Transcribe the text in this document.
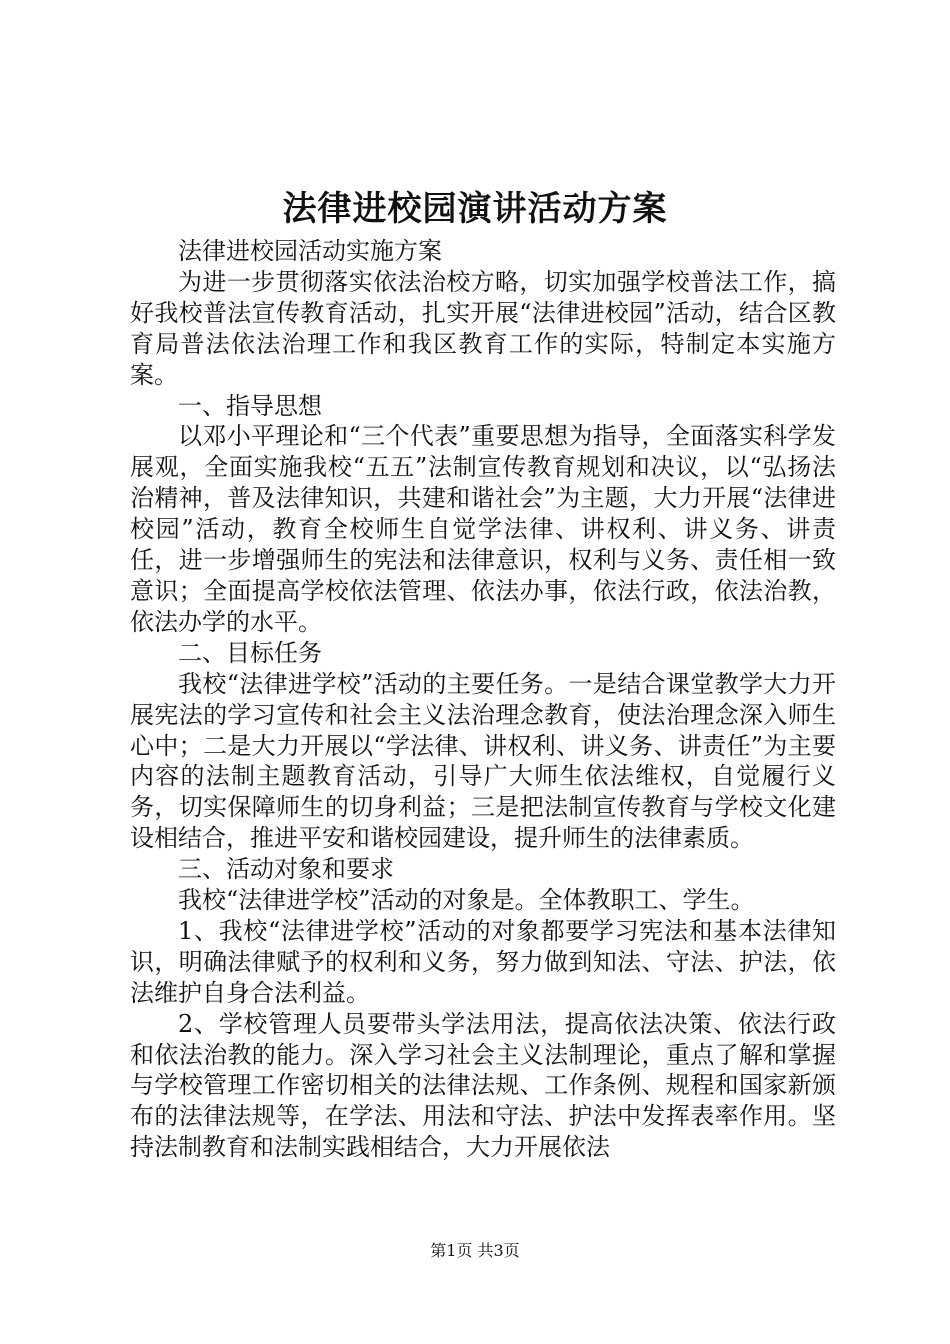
法律进校园演讲活动方案

法律进校园活动实施方案

为进一步贯彻落实依法治校方略，切实加强学校普法工作，搞好我校普法宣传教育活动，扎实开展“法律进校园”活动，结合区教育局普法依法治理工作和我区教育工作的实际，特制定本实施方案。

一、指导思想

以邓小平理论和“三个代表”重要思想为指导，全面落实科学发展观，全面实施我校“五五”法制宣传教育规划和决议，以“弘扬法治精神，普及法律知识，共建和谐社会”为主题，大力开展“法律进校园”活动，教育全校师生自觉学法律、讲权利、讲义务、讲责任，进一步增强师生的宪法和法律意识，权利与义务、责任相一致意识；全面提高学校依法管理、依法办事，依法行政，依法治教，依法办学的水平。

二、目标任务

我校“法律进学校”活动的主要任务。一是结合课堂教学大力开展宪法的学习宣传和社会主义法治理念教育，使法治理念深入师生心中；二是大力开展以“学法律、讲权利、讲义务、讲责任”为主要内容的法制主题教育活动，引导广大师生依法维权，自觉履行义务，切实保障师生的切身利益；三是把法制宣传教育与学校文化建设相结合，推进平安和谐校园建设，提升师生的法律素质。

三、活动对象和要求

我校“法律进学校”活动的对象是。全体教职工、学生。

1、我校“法律进学校”活动的对象都要学习宪法和基本法律知识，明确法律赋予的权利和义务，努力做到知法、守法、护法，依法维护自身合法利益。

2、学校管理人员要带头学法用法，提高依法决策、依法行政和依法治教的能力。深入学习社会主义法制理论，重点了解和掌握与学校管理工作密切相关的法律法规、工作条例、规程和国家新颁布的法律法规等，在学法、用法和守法、护法中发挥表率作用。坚持法制教育和法制实践相结合，大力开展依法

第1页 共3页
